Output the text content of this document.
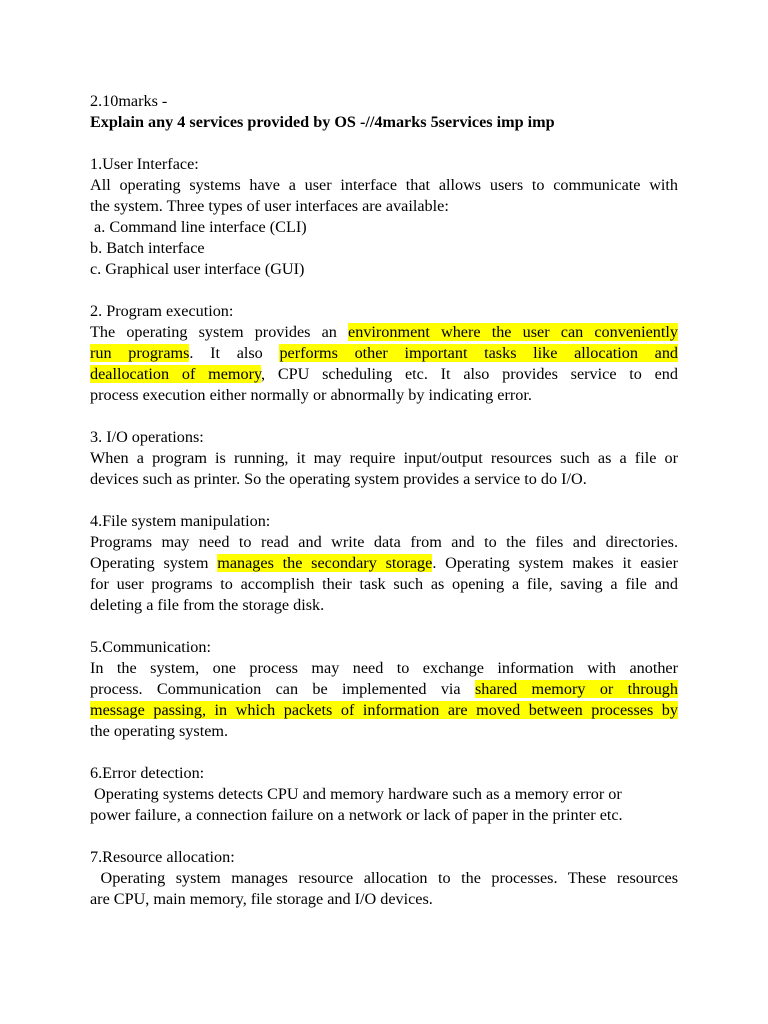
2.10marks -
Explain any 4 services provided by OS -//4marks 5services imp imp
1.User Interface:
All operating systems have a user interface that allows users to communicate with
the system. Three types of user interfaces are available:
a. Command line interface (CLI)
b. Batch interface
c. Graphical user interface (GUI)
2. Program execution:
The operating system provides an environment where the user can conveniently
run programs. It also performs other important tasks like allocation and
deallocation of memory, CPU scheduling etc. It also provides service to end
process execution either normally or abnormally by indicating error.
3. I/O operations:
When a program is running, it may require input/output resources such as a file or
devices such as printer. So the operating system provides a service to do I/O.
4.File system manipulation:
Programs may need to read and write data from and to the files and directories.
Operating system manages the secondary storage. Operating system makes it easier
for user programs to accomplish their task such as opening a file, saving a file and
deleting a file from the storage disk.
5.Communication:
In the system, one process may need to exchange information with another
process. Communication can be implemented via shared memory or through
message passing, in which packets of information are moved between processes by
the operating system.
6.Error detection:
Operating systems detects CPU and memory hardware such as a memory error or
power failure, a connection failure on a network or lack of paper in the printer etc.
7.Resource allocation:
Operating system manages resource allocation to the processes. These resources
are CPU, main memory, file storage and I/O devices.
